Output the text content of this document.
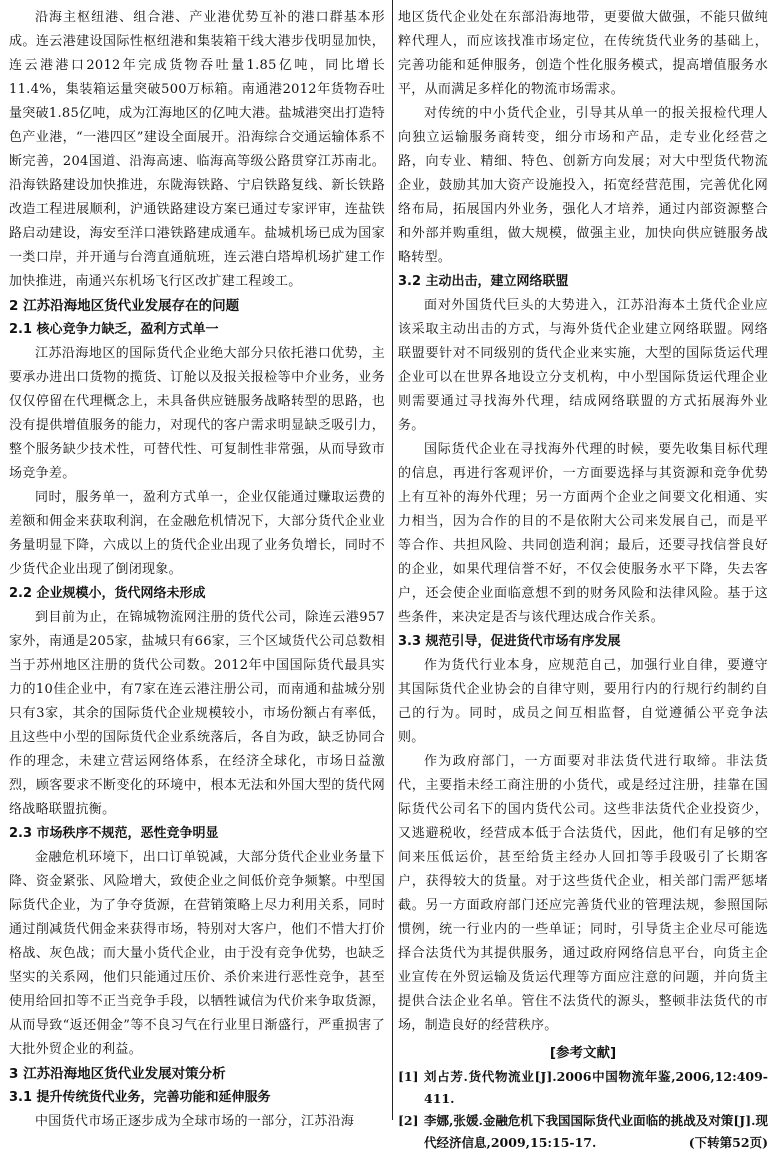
沿海主枢纽港、组合港、产业港优势互补的港口群基本形成。连云港建设国际性枢纽港和集装箱干线大港步伐明显加快，连云港港口2012年完成货物吞吐量1.85亿吨，同比增长11.4%，集装箱运量突破500万标箱。南通港2012年货物吞吐量突破1.85亿吨，成为江海地区的亿吨大港。盐城港突出打造特色产业港，“一港四区”建设全面展开。沿海综合交通运输体系不断完善，204国道、沿海高速、临海高等级公路贯穿江苏南北。沿海铁路建设加快推进，东陇海铁路、宁启铁路复线、新长铁路改造工程进展顺利，沪通铁路建设方案已通过专家评审，连盐铁路启动建设，海安至洋口港铁路建成通车。盐城机场已成为国家一类口岸，并开通与台湾直通航班，连云港白塔埠机场扩建工作加快推进，南通兴东机场飞行区改扩建工程竣工。

2 江苏沿海地区货代业发展存在的问题
2.1 核心竞争力缺乏，盈利方式单一

江苏沿海地区的国际货代企业绝大部分只依托港口优势，主要承办进出口货物的揽货、订舱以及报关报检等中介业务，业务仅仅停留在代理概念上，未具备供应链服务战略转型的思路，也没有提供增值服务的能力，对现代的客户需求明显缺乏吸引力，整个服务缺少技术性，可替代性、可复制性非常强，从而导致市场竞争差。

同时，服务单一，盈利方式单一，企业仅能通过赚取运费的差额和佣金来获取利润，在金融危机情况下，大部分货代企业业务量明显下降，六成以上的货代企业出现了业务负增长，同时不少货代企业出现了倒闭现象。

2.2 企业规模小，货代网络未形成

到目前为止，在锦城物流网注册的货代公司，除连云港957家外，南通是205家，盐城只有66家，三个区域货代公司总数相当于苏州地区注册的货代公司数。2012年中国国际货代最具实力的10佳企业中，有7家在连云港注册公司，而南通和盐城分别只有3家，其余的国际货代企业规模较小，市场份额占有率低，且这些中小型的国际货代企业系统落后，各自为政，缺乏协同合作的理念，未建立营运网络体系，在经济全球化，市场日益激烈，顾客要求不断变化的环境中，根本无法和外国大型的货代网络战略联盟抗衡。

2.3 市场秩序不规范，恶性竞争明显

金融危机环境下，出口订单锐减，大部分货代企业业务量下降、资金紧张、风险增大，致使企业之间低价竞争频繁。中型国际货代企业，为了争夺货源，在营销策略上尽力利用关系，同时通过削减货代佣金来获得市场，特别对大客户，他们不惜大打价格战、灰色战；而大量小货代企业，由于没有竞争优势，也缺乏坚实的关系网，他们只能通过压价、杀价来进行恶性竞争，甚至使用给回扣等不正当竞争手段，以牺牲诚信为代价来争取货源，从而导致“返还佣金”等不良习气在行业里日渐盛行，严重损害了大批外贸企业的利益。

3 江苏沿海地区货代业发展对策分析
3.1 提升传统货代业务，完善功能和延伸服务

中国货代市场正逐步成为全球市场的一部分，江苏沿海

地区货代企业处在东部沿海地带，更要做大做强，不能只做纯粹代理人，而应该找准市场定位，在传统货代业务的基础上，完善功能和延伸服务，创造个性化服务模式，提高增值服务水平，从而满足多样化的物流市场需求。

对传统的中小货代企业，引导其从单一的报关报检代理人向独立运输服务商转变，细分市场和产品，走专业化经营之路，向专业、精细、特色、创新方向发展；对大中型货代物流企业，鼓励其加大资产设施投入，拓宽经营范围，完善优化网络布局，拓展国内外业务，强化人才培养，通过内部资源整合和外部并购重组，做大规模，做强主业，加快向供应链服务战略转型。

3.2 主动出击，建立网络联盟

面对外国货代巨头的大势进入，江苏沿海本土货代企业应该采取主动出击的方式，与海外货代企业建立网络联盟。网络联盟要针对不同级别的货代企业来实施，大型的国际货运代理企业可以在世界各地设立分支机构，中小型国际货运代理企业则需要通过寻找海外代理，结成网络联盟的方式拓展海外业务。

国际货代企业在寻找海外代理的时候，要先收集目标代理的信息，再进行客观评价，一方面要选择与其资源和竞争优势上有互补的海外代理；另一方面两个企业之间要文化相通、实力相当，因为合作的目的不是依附大公司来发展自己，而是平等合作、共担风险、共同创造利润；最后，还要寻找信誉良好的企业，如果代理信誉不好，不仅会使服务水平下降，失去客户，还会使企业面临意想不到的财务风险和法律风险。基于这些条件，来决定是否与该代理达成合作关系。

3.3 规范引导，促进货代市场有序发展

作为货代行业本身，应规范自己，加强行业自律，要遵守其国际货代企业协会的自律守则，要用行内的行规行约制约自己的行为。同时，成员之间互相监督，自觉遵循公平竞争法则。

作为政府部门，一方面要对非法货代进行取缔。非法货代，主要指未经工商注册的小货代，或是经过注册，挂靠在国际货代公司名下的国内货代公司。这些非法货代企业投资少，又逃避税收，经营成本低于合法货代，因此，他们有足够的空间来压低运价，甚至给货主经办人回扣等手段吸引了长期客户，获得较大的货量。对于这些货代企业，相关部门需严惩堵截。另一方面政府部门还应完善货代业的管理法规，参照国际惯例，统一行业内的一些单证；同时，引导货主企业尽可能选择合法货代为其提供服务，通过政府网络信息平台，向货主企业宣传在外贸运输及货运代理等方面应注意的问题，并向货主提供合法企业名单。管住不法货代的源头，整顿非法货代的市场，制造良好的经营秩序。

[参考文献]
[1] 刘占芳.货代物流业[J].2006中国物流年鉴,2006,12:409-411.
[2] 李娜,张媛.金融危机下我国国际货代业面临的挑战及对策[J].现代经济信息,2009,15:15-17.	(下转第52页)
